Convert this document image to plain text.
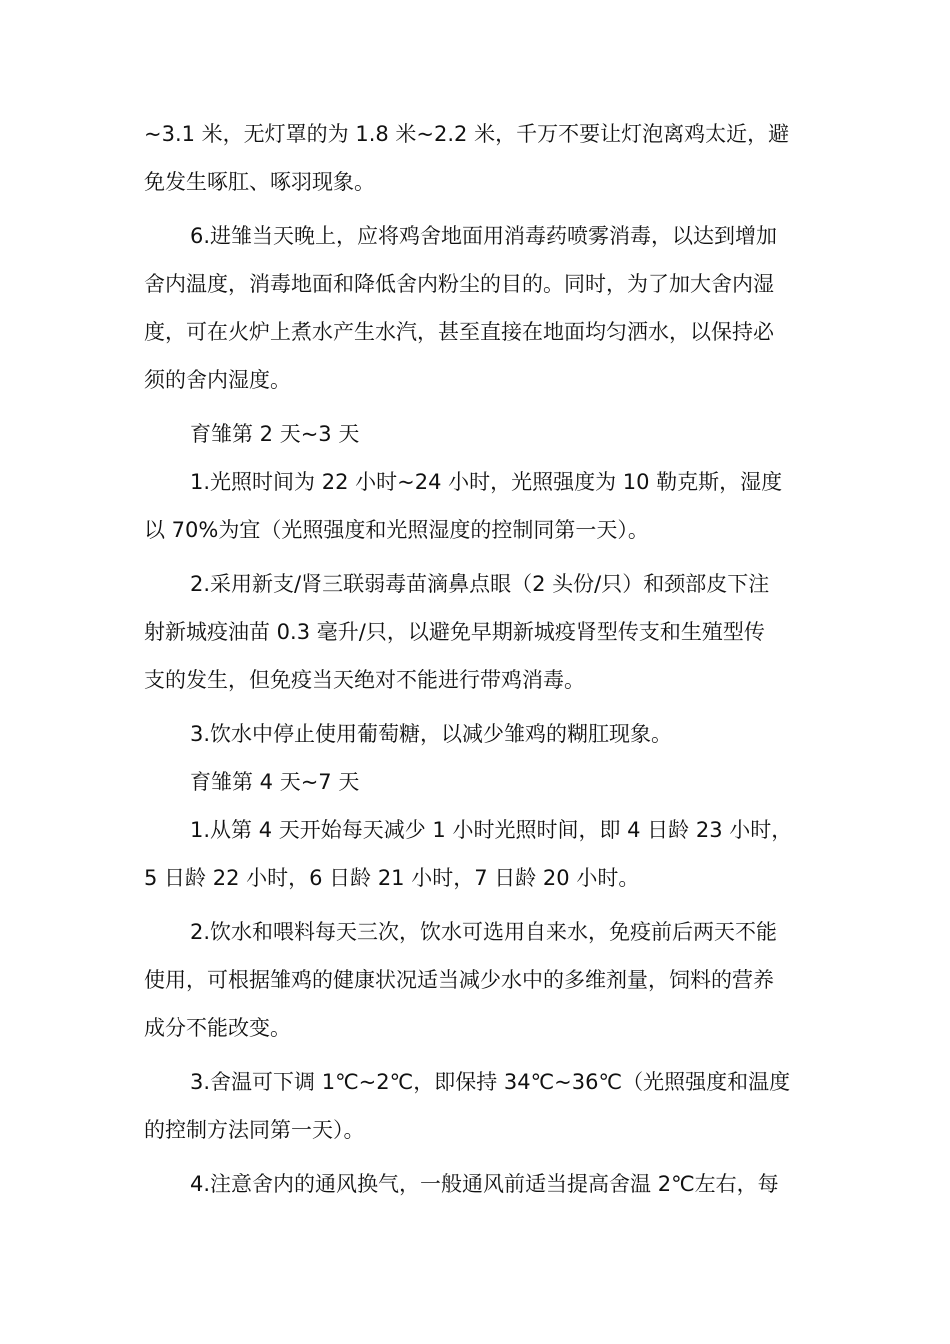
~3.1 米，无灯罩的为 1.8 米~2.2 米，千万不要让灯泡离鸡太近，避
免发生啄肛、啄羽现象。

6.进雏当天晚上，应将鸡舍地面用消毒药喷雾消毒，以达到增加
舍内温度，消毒地面和降低舍内粉尘的目的。同时，为了加大舍内湿
度，可在火炉上煮水产生水汽，甚至直接在地面均匀洒水，以保持必
须的舍内湿度。

育雏第 2 天~3 天

1.光照时间为 22 小时~24 小时，光照强度为 10 勒克斯，湿度
以 70%为宜（光照强度和光照湿度的控制同第一天）。

2.采用新支/肾三联弱毒苗滴鼻点眼（2 头份/只）和颈部皮下注
射新城疫油苗 0.3 毫升/只，以避免早期新城疫肾型传支和生殖型传
支的发生，但免疫当天绝对不能进行带鸡消毒。

3.饮水中停止使用葡萄糖，以减少雏鸡的糊肛现象。

育雏第 4 天~7 天

1.从第 4 天开始每天减少 1 小时光照时间，即 4 日龄 23 小时，
5 日龄 22 小时，6 日龄 21 小时，7 日龄 20 小时。

2.饮水和喂料每天三次，饮水可选用自来水，免疫前后两天不能
使用，可根据雏鸡的健康状况适当减少水中的多维剂量，饲料的营养
成分不能改变。

3.舍温可下调 1℃~2℃，即保持 34℃~36℃（光照强度和温度
的控制方法同第一天）。

4.注意舍内的通风换气，一般通风前适当提高舍温 2℃左右，每
